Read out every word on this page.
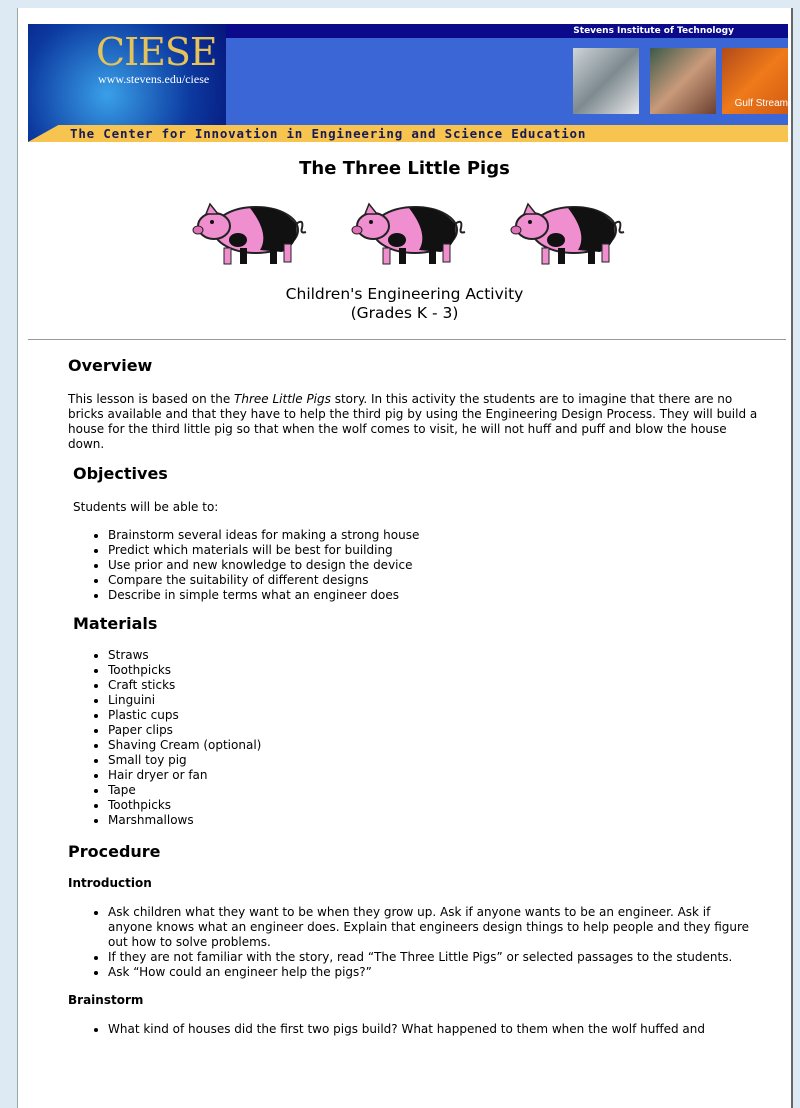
CIESE
www.stevens.edu/ciese
Stevens Institute of Technology
Gulf Stream
The Center for Innovation in Engineering and Science Education
The Three Little Pigs
Children's Engineering Activity
(Grades K - 3)
Overview

This lesson is based on the Three Little Pigs story. In this activity the students are to imagine that there are no bricks available and that they have to help the third pig by using the Engineering Design Process. They will build a house for the third little pig so that when the wolf comes to visit, he will not huff and puff and blow the house down.

Objectives

Students will be able to:

• Brainstorm several ideas for making a strong house
• Predict which materials will be best for building
• Use prior and new knowledge to design the device
• Compare the suitability of different designs
• Describe in simple terms what an engineer does
Materials
• Straws
• Toothpicks
• Craft sticks
• Linguini
• Plastic cups
• Paper clips
• Shaving Cream (optional)
• Small toy pig
• Hair dryer or fan
• Tape
• Toothpicks
• Marshmallows
Procedure
Introduction
• Ask children what they want to be when they grow up. Ask if anyone wants to be an engineer. Ask if anyone knows what an engineer does. Explain that engineers design things to help people and they figure out how to solve problems.
• If they are not familiar with the story, read “The Three Little Pigs” or selected passages to the students.
• Ask “How could an engineer help the pigs?”
Brainstorm
• What kind of houses did the first two pigs build? What happened to them when the wolf huffed and
